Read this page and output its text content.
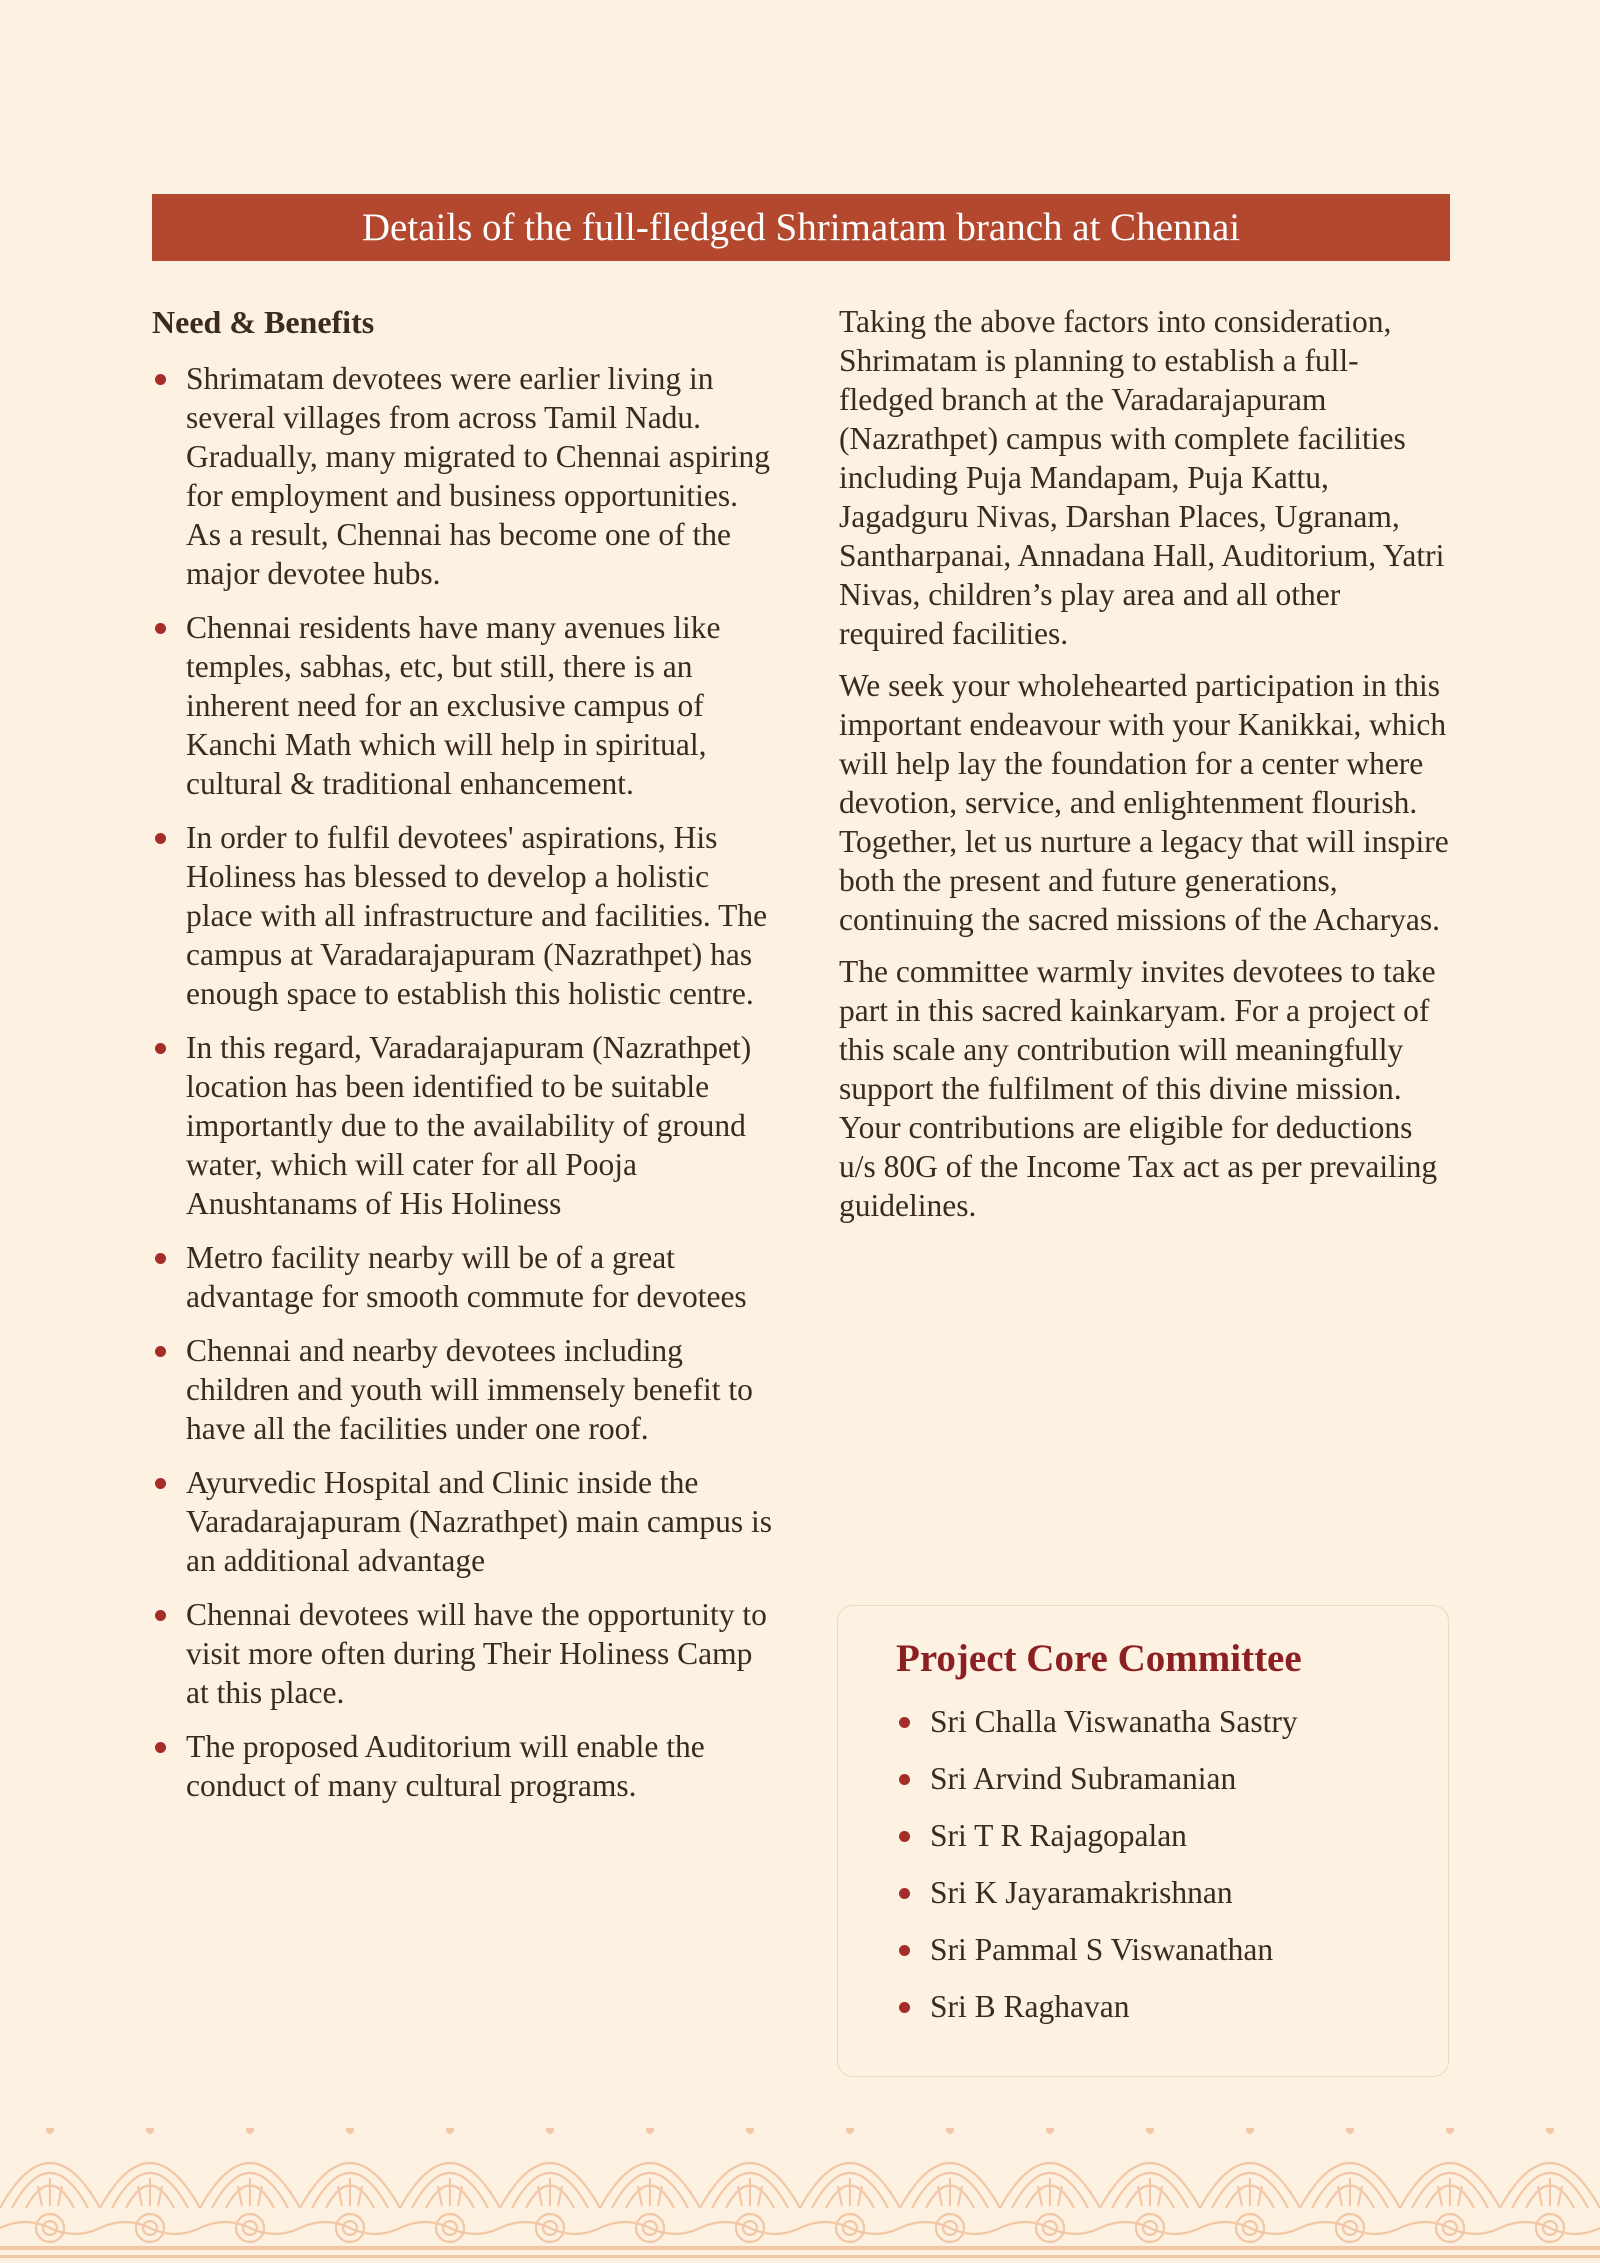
Details of the full-fledged Shrimatam branch at Chennai
Need & Benefits
Shrimatam devotees were earlier living in several villages from across Tamil Nadu. Gradually, many migrated to Chennai aspiring for employment and business opportunities. As a result, Chennai has become one of the major devotee hubs.
Chennai residents have many avenues like temples, sabhas, etc, but still, there is an inherent need for an exclusive campus of Kanchi Math which will help in spiritual, cultural & traditional enhancement.
In order to fulfil devotees' aspirations, His Holiness has blessed to develop a holistic place with all infrastructure and facilities. The campus at Varadarajapuram (Nazrathpet) has enough space to establish this holistic centre.
In this regard, Varadarajapuram (Nazrathpet) location has been identified to be suitable importantly due to the availability of ground water, which will cater for all Pooja Anushtanams of His Holiness
Metro facility nearby will be of a great advantage for smooth commute for devotees
Chennai and nearby devotees including children and youth will immensely benefit to have all the facilities under one roof.
Ayurvedic Hospital and Clinic inside the Varadarajapuram (Nazrathpet) main campus is an additional advantage
Chennai devotees will have the opportunity to visit more often during Their Holiness Camp at this place.
The proposed Auditorium will enable the conduct of many cultural programs.

Taking the above factors into consideration, Shrimatam is planning to establish a full-fledged branch at the Varadarajapuram (Nazrathpet) campus with complete facilities including Puja Mandapam, Puja Kattu, Jagadguru Nivas, Darshan Places, Ugranam, Santharpanai, Annadana Hall, Auditorium, Yatri Nivas, children’s play area and all other required facilities.

We seek your wholehearted participation in this important endeavour with your Kanikkai, which will help lay the foundation for a center where devotion, service, and enlightenment flourish. Together, let us nurture a legacy that will inspire both the present and future generations, continuing the sacred missions of the Acharyas.

The committee warmly invites devotees to take part in this sacred kainkaryam. For a project of this scale any contribution will meaningfully support the fulfilment of this divine mission. Your contributions are eligible for deductions u/s 80G of the Income Tax act as per prevailing guidelines.

Project Core Committee
Sri Challa Viswanatha Sastry
Sri Arvind Subramanian
Sri T R Rajagopalan
Sri K Jayaramakrishnan
Sri Pammal S Viswanathan
Sri B Raghavan
